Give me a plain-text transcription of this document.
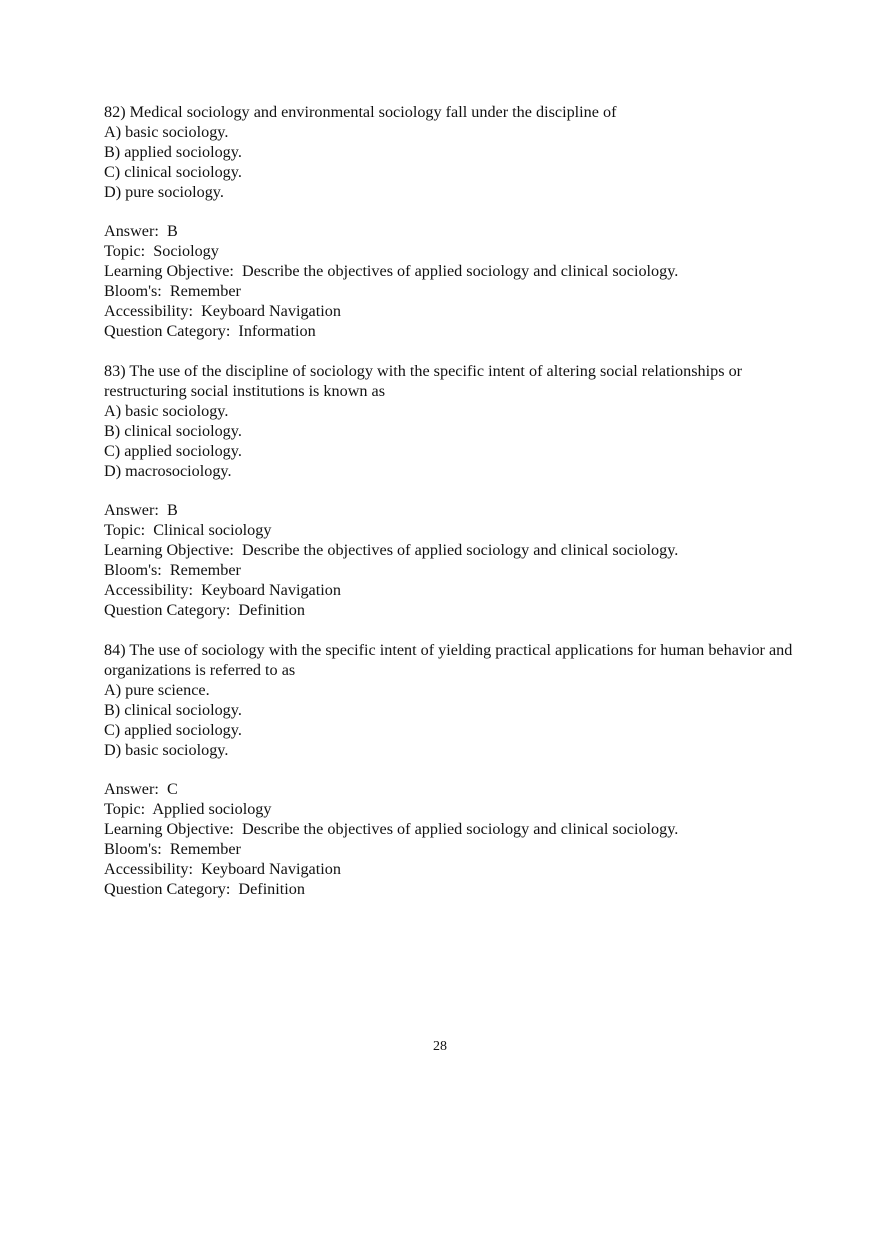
82) Medical sociology and environmental sociology fall under the discipline of

A) basic sociology.

B) applied sociology.

C) clinical sociology.

D) pure sociology.

Answer:  B

Topic:  Sociology

Learning Objective:  Describe the objectives of applied sociology and clinical sociology.

Bloom's:  Remember

Accessibility:  Keyboard Navigation

Question Category:  Information

83) The use of the discipline of sociology with the specific intent of altering social relationships or restructuring social institutions is known as

A) basic sociology.

B) clinical sociology.

C) applied sociology.

D) macrosociology.

Answer:  B

Topic:  Clinical sociology

Learning Objective:  Describe the objectives of applied sociology and clinical sociology.

Bloom's:  Remember

Accessibility:  Keyboard Navigation

Question Category:  Definition

84) The use of sociology with the specific intent of yielding practical applications for human behavior and organizations is referred to as

A) pure science.

B) clinical sociology.

C) applied sociology.

D) basic sociology.

Answer:  C

Topic:  Applied sociology

Learning Objective:  Describe the objectives of applied sociology and clinical sociology.

Bloom's:  Remember

Accessibility:  Keyboard Navigation

Question Category:  Definition

28
